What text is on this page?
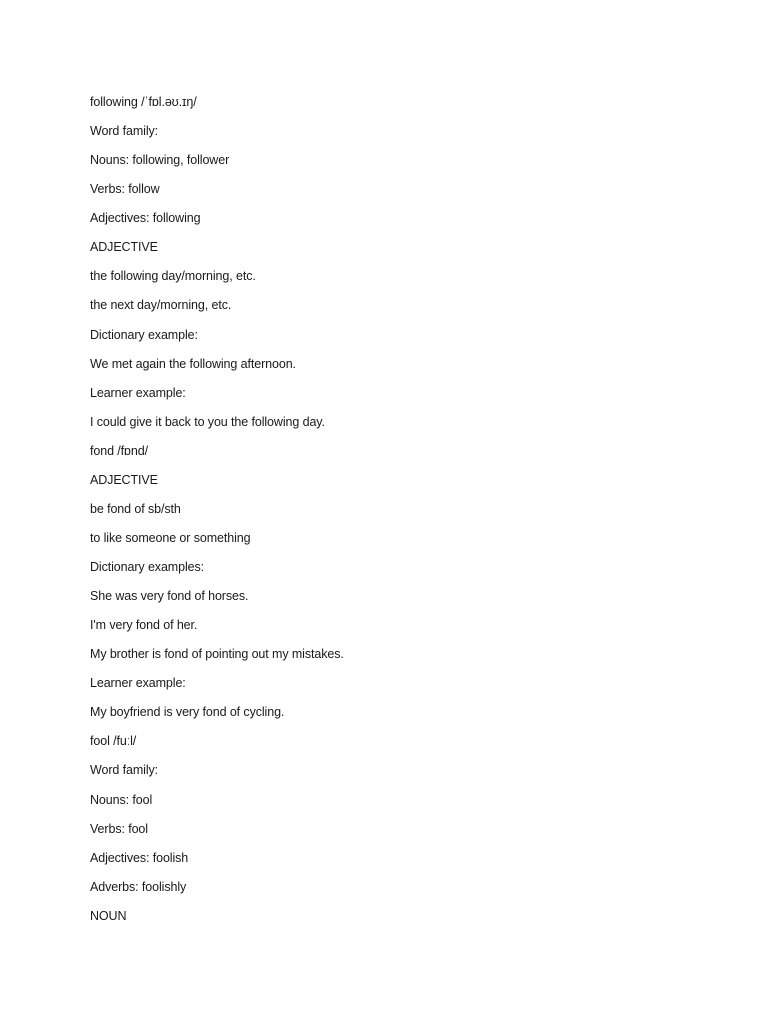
following /ˈfɒl.əʊ.ɪŋ/
Word family:
Nouns: following, follower
Verbs: follow
Adjectives: following
ADJECTIVE
the following day/morning, etc.
the next day/morning, etc.
Dictionary example:
We met again the following afternoon.
Learner example:
I could give it back to you the following day.
fond /fɒnd/
ADJECTIVE
be fond of sb/sth
to like someone or something
Dictionary examples:
She was very fond of horses.
I'm very fond of her.
My brother is fond of pointing out my mistakes.
Learner example:
My boyfriend is very fond of cycling.
fool /fuːl/
Word family:
Nouns: fool
Verbs: fool
Adjectives: foolish
Adverbs: foolishly
NOUN
